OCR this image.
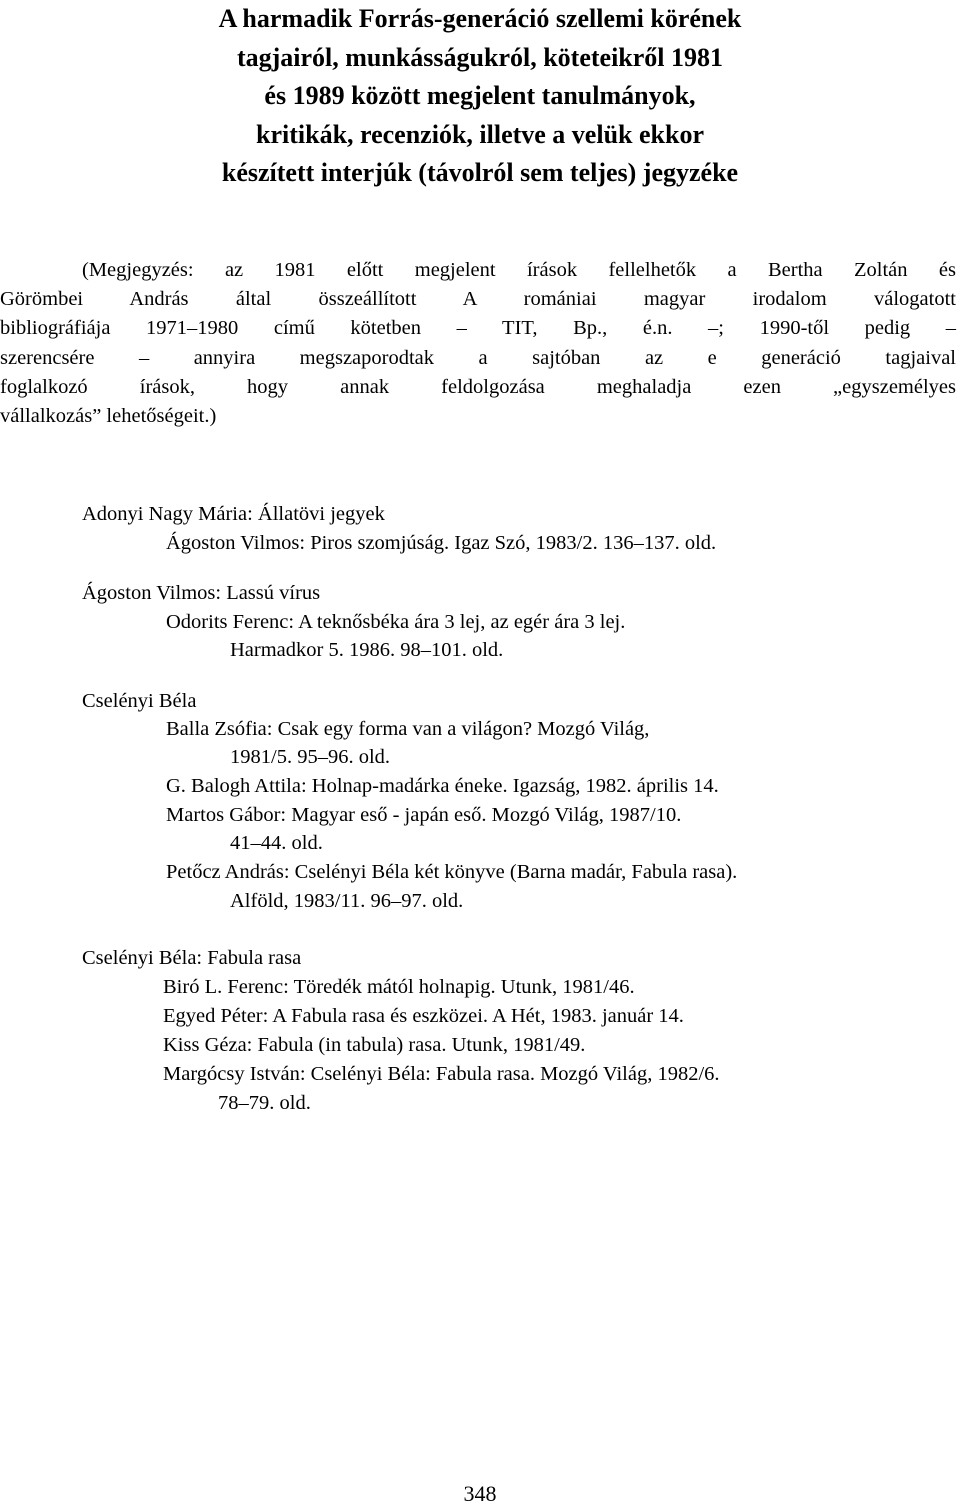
A harmadik Forrás-generáció szellemi körének
tagjairól, munkásságukról, köteteikről 1981
és 1989 között megjelent tanulmányok,
kritikák, recenziók, illetve a velük ekkor
készített interjúk (távolról sem teljes) jegyzéke
(Megjegyzés: az 1981 előtt megjelent írások fellelhetők a Bertha Zoltán és
Görömbei András által összeállított A romániai magyar irodalom válogatott
bibliográfiája 1971–1980 című kötetben – TIT, Bp., é.n. –; 1990-től pedig –
szerencsére – annyira megszaporodtak a sajtóban az e generáció tagjaival
foglalkozó írások, hogy annak feldolgozása meghaladja ezen „egyszemélyes
vállalkozás” lehetőségeit.)
Adonyi Nagy Mária: Állatövi jegyek
Ágoston Vilmos: Piros szomjúság. Igaz Szó, 1983/2. 136–137. old.
Ágoston Vilmos: Lassú vírus
Odorits Ferenc: A teknősbéka ára 3 lej, az egér ára 3 lej.
Harmadkor 5. 1986. 98–101. old.
Cselényi Béla
Balla Zsófia: Csak egy forma van a világon? Mozgó Világ,
1981/5. 95–96. old.
G. Balogh Attila: Holnap-madárka éneke. Igazság, 1982. április 14.
Martos Gábor: Magyar eső - japán eső. Mozgó Világ, 1987/10.
41–44. old.
Petőcz András: Cselényi Béla két könyve (Barna madár, Fabula rasa).
Alföld, 1983/11. 96–97. old.
Cselényi Béla: Fabula rasa
Biró L. Ferenc: Töredék mától holnapig. Utunk, 1981/46.
Egyed Péter: A Fabula rasa és eszközei. A Hét, 1983. január 14.
Kiss Géza: Fabula (in tabula) rasa. Utunk, 1981/49.
Margócsy István: Cselényi Béla: Fabula rasa. Mozgó Világ, 1982/6.
78–79. old.
348
